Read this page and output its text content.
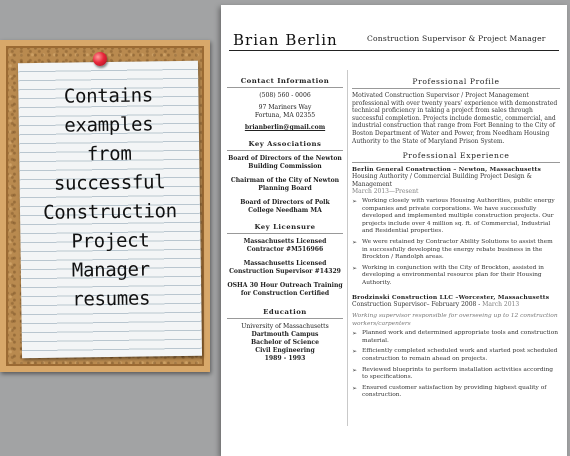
Contains
examples
from
successful
Construction
Project
Manager
resumes
Brian Berlin	Construction Supervisor & Project Manager
Contact Information
(508) 560 - 0006
97 Mariners Way
Fortuna, MA 02355
brianberlin@gmail.com
Key Associations
Board of Directors of the Newton Building Commission
Chairman of the City of Newton Planning Board
Board of Directors of Polk College Needham MA
Key Licensure
Massachusetts Licensed Contractor #M516966
Massachusetts Licensed Construction Supervisor #14329
OSHA 30 Hour Outreach Training for Construction Certified
Education
University of Massachusetts
Dartmouth Campus
Bachelor of Science
Civil Engineering
1989 - 1993
Professional Profile
Motivated Construction Supervisor / Project Management professional with over twenty years' experience with demonstrated technical proficiency in taking a project from sales through successful completion. Projects include domestic, commercial, and industrial construction that range from Fort Benning to the City of Boston Department of Water and Power, from Needham Housing Authority to the State of Maryland Prison System.
Professional Experience
Berlin General Construction – Newton, Massachusetts
Housing Authority / Commercial Building Project Design & Management
March 2013—Present
➢ Working closely with various Housing Authorities, public energy companies and private corporations. We have successfully developed and implemented multiple construction projects. Our projects include over 4 million sq. ft. of Commercial, Industrial and Residential properties.
➢ We were retained by Contractor Ability Solutions to assist them in successfully developing the energy rebate business in the Brockton / Randolph areas.
➢ Working in conjunction with the City of Brockton, assisted in developing a environmental resource plan for their Housing Authority.
Brodzinski Construction LLC –Worcester, Massachusetts
Construction Supervisor– February 2008 - March 2013
Working supervisor responsible for overseeing up to 12 construction workers/carpenters
➢ Planned work and determined appropriate tools and construction material.
➢ Efficiently completed scheduled work and started post scheduled construction to remain ahead on projects.
➢ Reviewed blueprints to perform installation activities according to specifications.
➢ Ensured customer satisfaction by providing highest quality of construction.
